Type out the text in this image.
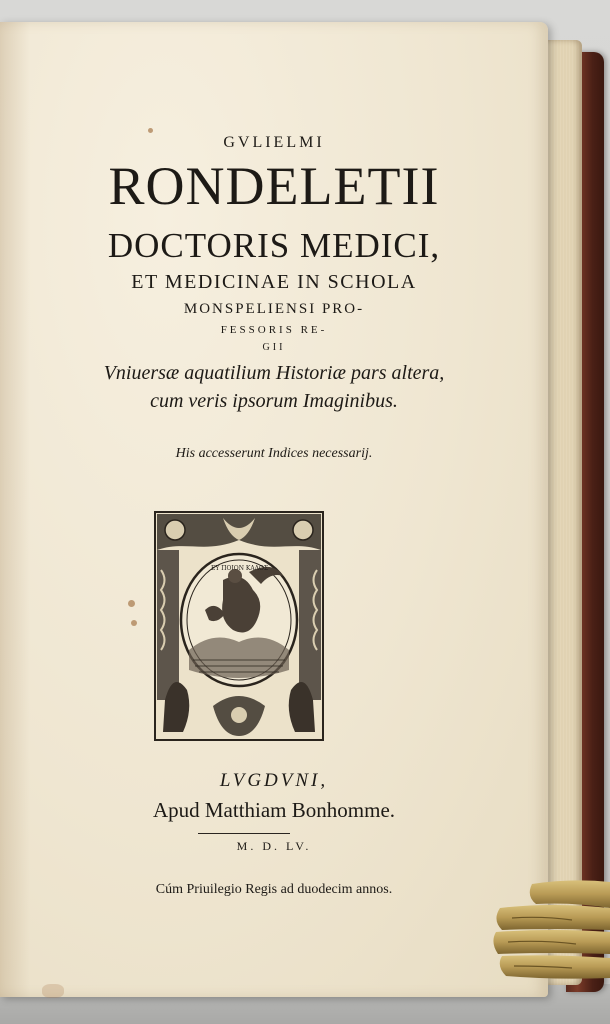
GVLIELMI
RONDELETII
DOCTORIS MEDICI,
ET MEDICINAE IN SCHOLA
MONSPELIENSI PRO-
FESSORIS RE-
GII
Vniuersæ aquatilium Historiæ pars altera,
cum veris ipsorum Imaginibus.
His accesserunt Indices necessarij.
EΥ ΠΟΙΟΝ ΚΑΛΟΣ
LVGDVNI,
Apud Matthiam Bonhomme.
M. D. LV.
Cúm Priuilegio Regis ad duodecim annos.
